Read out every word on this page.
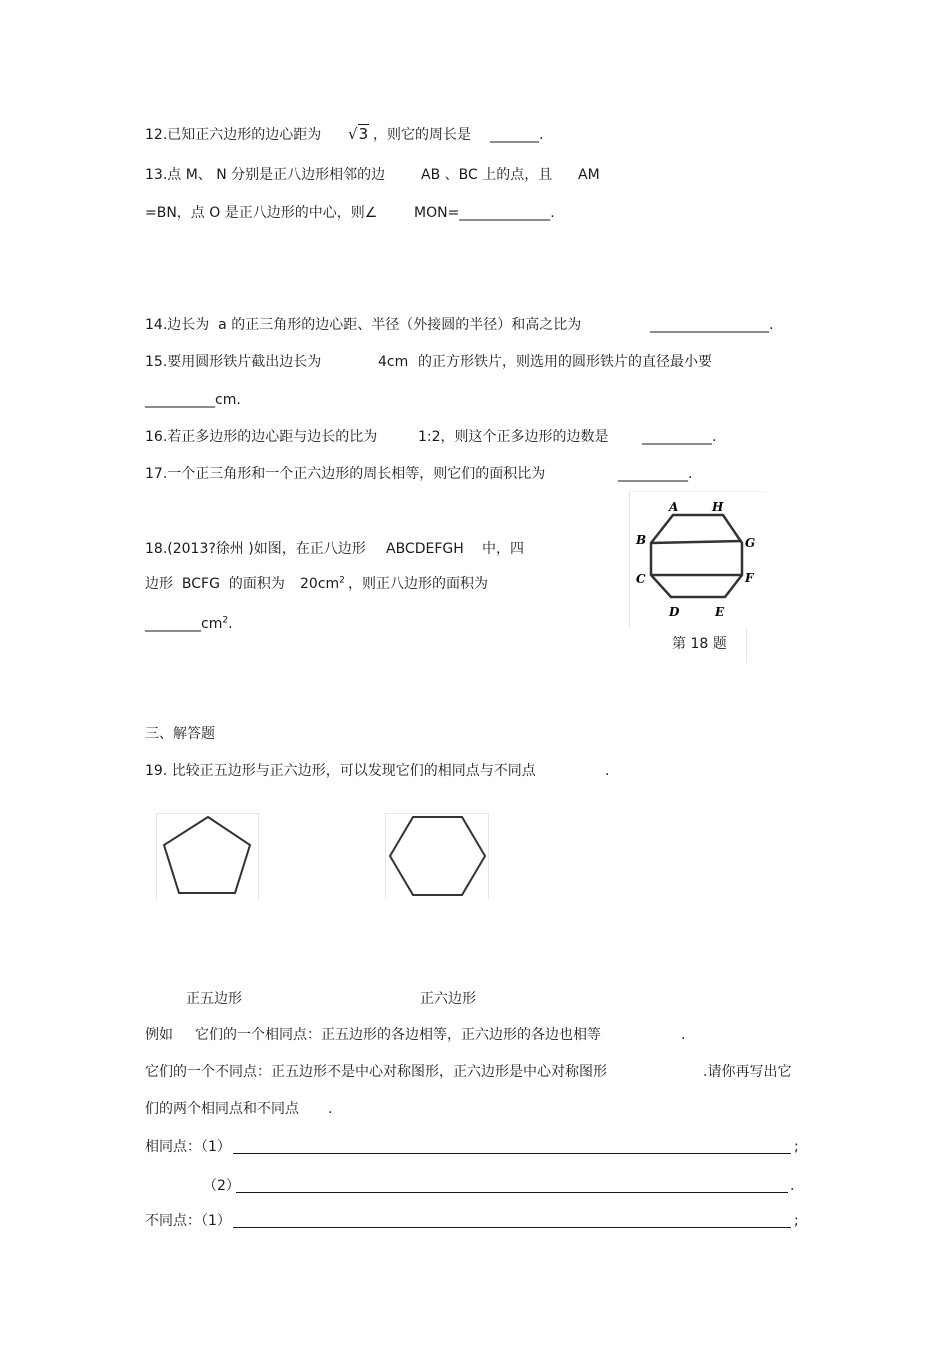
12.已知正六边形的边心距为 √3 ，则它的周长是 _______.
13.点 M、 N 分别是正八边形相邻的边	AB 、BC 上的点，且 AM
=BN，点 O 是正八边形的中心，则∠	MON=_____________.
14.边长为  a 的正三角形的边心距、半径（外接圆的半径）和高之比为	_________________.
15.要用圆形铁片截出边长为	4cm 的正方形铁片，则选用的圆形铁片的直径最小要
__________cm.
16.若正多边形的边心距与边长的比为	1:2，则这个正多边形的边数是 __________.
17.一个正三角形和一个正六边形的周长相等，则它们的面积比为	__________.
18.(2013?徐州 )如图，在正八边形 ABCDEFGH 中，四
边形  BCFG  的面积为 $20cm^2$ ，则正八边形的面积为
$\_\_\_\_\_\_\_\_cm^2$.
A	H
B	G
C	F
D	E
第 18 题
三、解答题
19. 比较正五边形与正六边形，可以发现它们的相同点与不同点	.
正五边形	正六边形
例如 它们的一个相同点：正五边形的各边相等，正六边形的各边也相等	.
它们的一个不同点：正五边形不是中心对称图形，正六边形是中心对称图形	.请你再写出它
们的两个相同点和不同点 .
相同点：（1）	;
（2）	.
不同点：（1）	;
